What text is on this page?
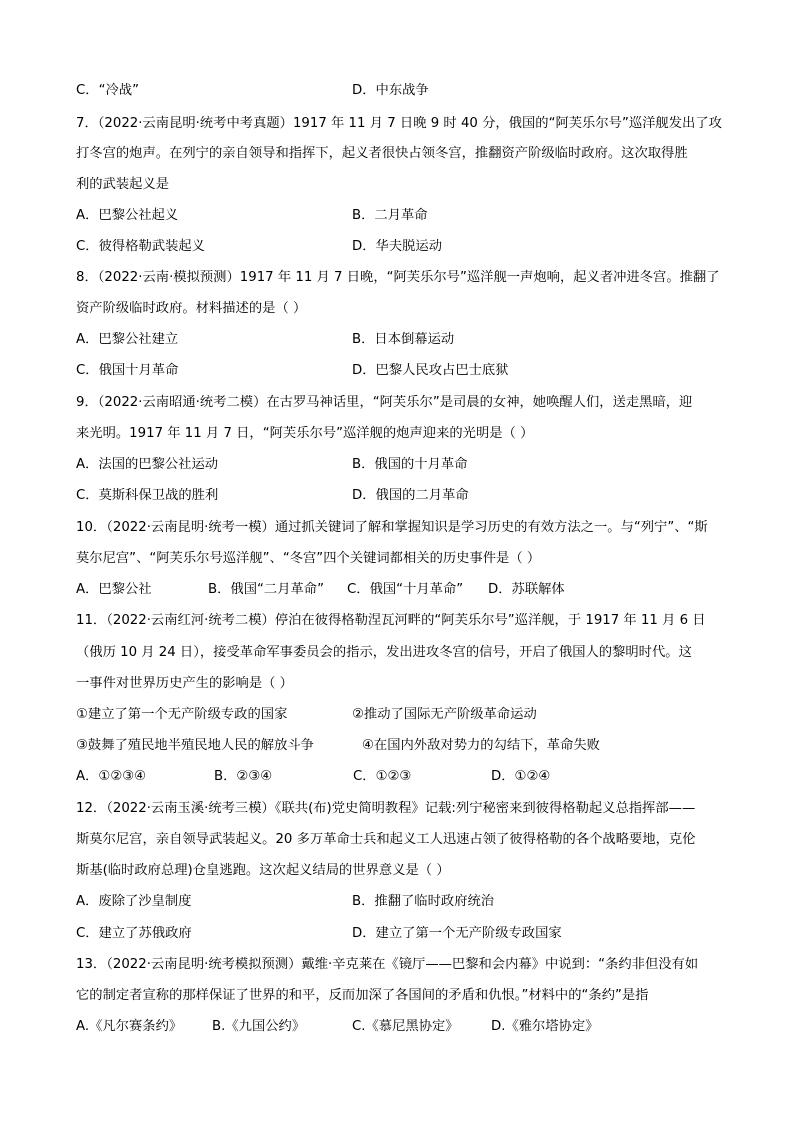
C．“冷战”	D．中东战争
7．（2022·云南昆明·统考中考真题）1917 年 11 月 7 日晚 9 时 40 分，俄国的“阿芙乐尔号”巡洋舰发出了攻
打冬宫的炮声。在列宁的亲自领导和指挥下，起义者很快占领冬宫，推翻资产阶级临时政府。这次取得胜
利的武装起义是
A．巴黎公社起义	B．二月革命
C．彼得格勒武装起义	D．华夫脱运动
8．（2022·云南·模拟预测）1917 年 11 月 7 日晚，“阿芙乐尔号”巡洋舰一声炮响，起义者冲进冬宫。推翻了
资产阶级临时政府。材料描述的是（ ）
A．巴黎公社建立	B．日本倒幕运动
C．俄国十月革命	D．巴黎人民攻占巴士底狱
9．（2022·云南昭通·统考二模）在古罗马神话里，“阿芙乐尔”是司晨的女神，她唤醒人们，送走黑暗，迎
来光明。1917 年 11 月 7 日，“阿芙乐尔号”巡洋舰的炮声迎来的光明是（ ）
A．法国的巴黎公社运动	B．俄国的十月革命
C．莫斯科保卫战的胜利	D．俄国的二月革命
10．（2022·云南昆明·统考一模）通过抓关键词了解和掌握知识是学习历史的有效方法之一。与“列宁”、“斯
莫尔尼宫”、“阿芙乐尔号巡洋舰”、“冬宫”四个关键词都相关的历史事件是（ ）
A．巴黎公社	B．俄国“二月革命” C．俄国“十月革命” D．苏联解体
11．（2022·云南红河·统考二模）停泊在彼得格勒涅瓦河畔的“阿芙乐尔号”巡洋舰，于 1917 年 11 月 6 日
（俄历 10 月 24 日），接受革命军事委员会的指示，发出进攻冬宫的信号，开启了俄国人的黎明时代。这
一事件对世界历史产生的影响是（ ）
①建立了第一个无产阶级专政的国家	②推动了国际无产阶级革命运动
③鼓舞了殖民地半殖民地人民的解放斗争	④在国内外敌对势力的勾结下，革命失败
A．①②③④	B．②③④	C．①②③	D．①②④
12．（2022·云南玉溪·统考三模）《联共(布)党史简明教程》记载:列宁秘密来到彼得格勒起义总指挥部——
斯莫尔尼宫，亲自领导武装起义。20 多万革命士兵和起义工人迅速占领了彼得格勒的各个战略要地，克伦
斯基(临时政府总理)仓皇逃跑。这次起义结局的世界意义是（ ）
A．废除了沙皇制度	B．推翻了临时政府统治
C．建立了苏俄政府	D．建立了第一个无产阶级专政国家
13．（2022·云南昆明·统考模拟预测）戴维·辛克莱在《镜厅——巴黎和会内幕》中说到：“条约非但没有如
它的制定者宣称的那样保证了世界的和平，反而加深了各国间的矛盾和仇恨。”材料中的“条约”是指
A.《凡尔赛条约》 B.《九国公约》	C.《慕尼黑协定》 D.《雅尔塔协定》
